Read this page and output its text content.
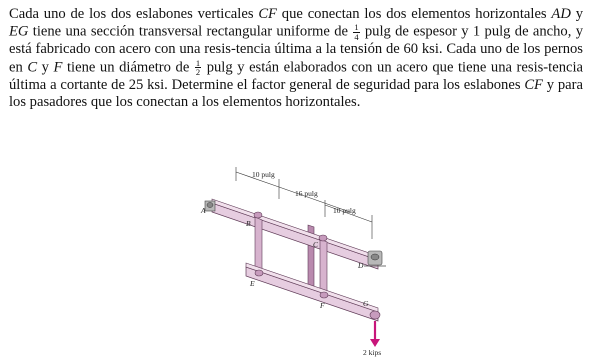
Cada uno de los dos eslabones verticales CF que conectan los dos elementos horizontales AD y EG tiene una sección transversal rectangular uniforme de $\frac{1}{4}$ pulg de espesor y 1 pulg de ancho, y está fabricado con acero con una resis-tencia última a la tensión de 60 ksi. Cada uno de los pernos en C y F tiene un diámetro de $\frac{1}{2}$ pulg y están elaborados con un acero que tiene una resis-tencia última a cortante de 25 ksi. Determine el factor general de seguridad para los eslabones CF y para los pasadores que los conectan a los elementos horizontales.

10 pulg
16 pulg
10 pulg
A
B
C
D
E
F	G
2 kips
